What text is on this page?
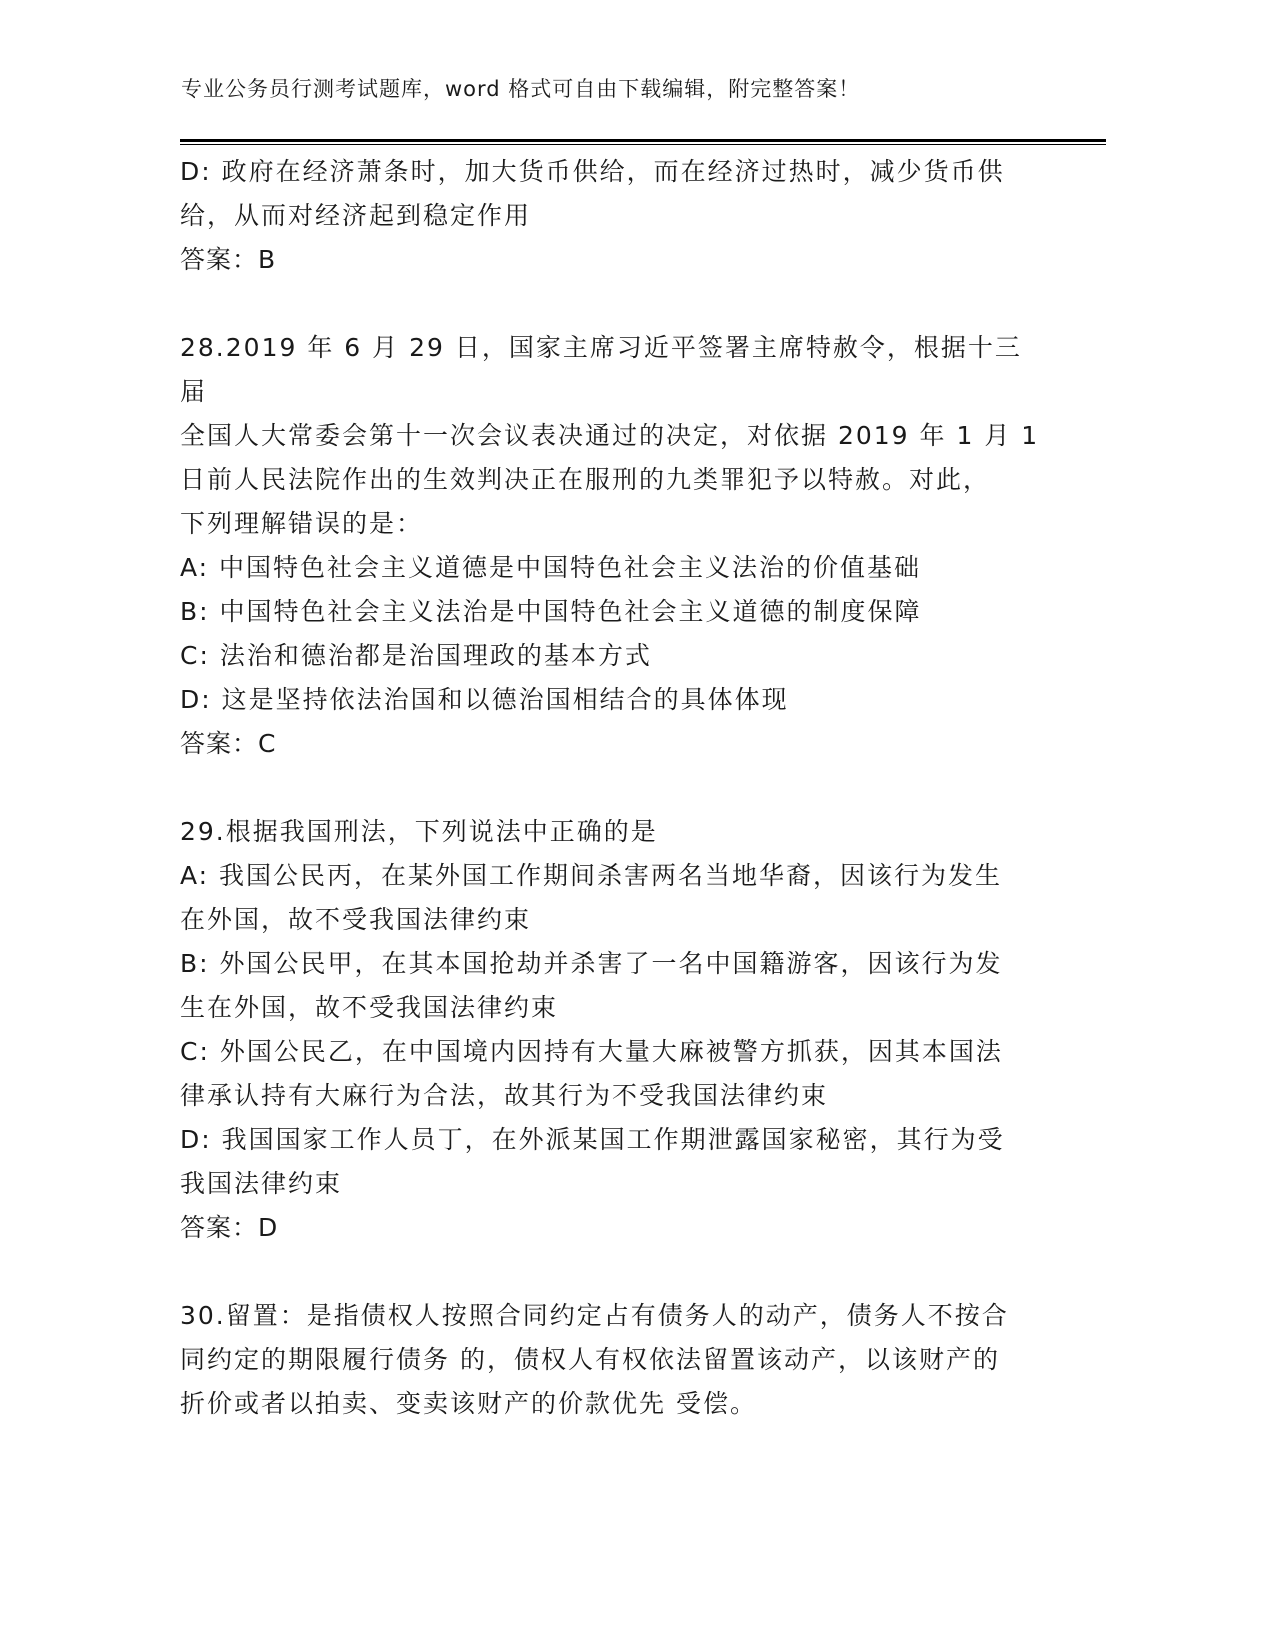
专业公务员行测考试题库，word 格式可自由下载编辑，附完整答案！

D: 政府在经济萧条时，加大货币供给，而在经济过热时，减少货币供

给，从而对经济起到稳定作用

答案：B

28.2019 年 6 月 29 日，国家主席习近平签署主席特赦令，根据十三届

全国人大常委会第十一次会议表决通过的决定，对依据 2019 年 1 月 1

日前人民法院作出的生效判决正在服刑的九类罪犯予以特赦。对此，

下列理解错误的是：

A: 中国特色社会主义道德是中国特色社会主义法治的价值基础

B: 中国特色社会主义法治是中国特色社会主义道德的制度保障

C: 法治和德治都是治国理政的基本方式

D: 这是坚持依法治国和以德治国相结合的具体体现

答案：C

29.根据我国刑法，下列说法中正确的是

A: 我国公民丙，在某外国工作期间杀害两名当地华裔，因该行为发生

在外国，故不受我国法律约束

B: 外国公民甲，在其本国抢劫并杀害了一名中国籍游客，因该行为发

生在外国，故不受我国法律约束

C: 外国公民乙，在中国境内因持有大量大麻被警方抓获，因其本国法

律承认持有大麻行为合法，故其行为不受我国法律约束

D: 我国国家工作人员丁，在外派某国工作期泄露国家秘密，其行为受

我国法律约束

答案：D

30.留置：是指债权人按照合同约定占有债务人的动产，债务人不按合

同约定的期限履行债务 的，债权人有权依法留置该动产，以该财产的

折价或者以拍卖、变卖该财产的价款优先 受偿。
